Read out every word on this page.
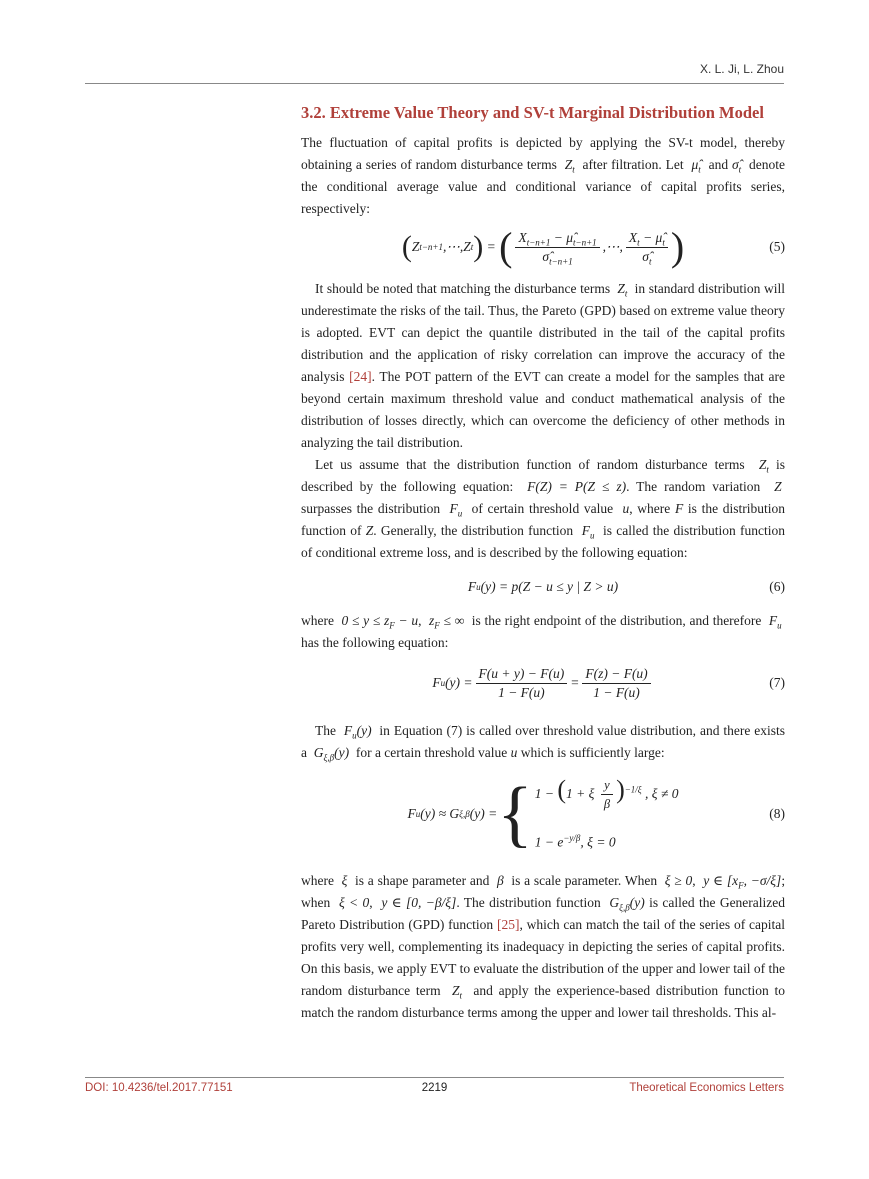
X. L. Ji, L. Zhou
3.2. Extreme Value Theory and SV-t Marginal Distribution Model

The fluctuation of capital profits is depicted by applying the SV-t model, thereby obtaining a series of random disturbance terms $Z_t$ after filtration. Let $\mû_t$ and $\sigmâ_t$ denote the conditional average value and conditional variance of capital profits series, respectively:

( Z t−n+1 ,⋯,Z t ) = ( $\frac{X_{t-n+1} - \mû_{t-n+1}}{\sigmâ_{t-n+1}}$ ,⋯, $\frac{X_t - \mû_t}{\sigmâ_t}$ )	(5)

It should be noted that matching the disturbance terms $Z_t$ in standard distribution will underestimate the risks of the tail. Thus, the Pareto (GPD) based on extreme value theory is adopted. EVT can depict the quantile distributed in the tail of the capital profits distribution and the application of risky correlation can improve the accuracy of the analysis [24]. The POT pattern of the EVT can create a model for the samples that are beyond certain maximum threshold value and conduct mathematical analysis of the distribution of losses directly, which can overcome the deficiency of other methods in analyzing the tail distribution.

Let us assume that the distribution function of random disturbance terms $Z_t$ is described by the following equation: F(Z) = P(Z ≤ z). The random variation Z  surpasses the distribution $F_u$ of certain threshold value u, where F is the distribution function of Z. Generally, the distribution function $F_u$ is called the distribution function of conditional extreme loss, and is described by the following equation:

F u (y) = p(Z − u ≤ y | Z > u)	(6)

where $0 \le y \le z_F - u$, $z_F$ ≤ ∞ is the right endpoint of the distribution, and therefore $F_u$  has the following equation:

F u $(y) = \frac{F(u + y) - F(u)}{1 - F(u)} = \frac{F(z) - F(u)}{1 - F(u)}$	(7)

The $F_u(y)$ in Equation (7) is called over threshold value distribution, and there exists a $G_{\xi,\beta}(y)$ for a certain threshold value u which is sufficiently large:

F u (y) ≈ G ξ,β (y) = { 1 − (1 + ξ $\frac{y}{\beta} )^{-1/\xi}$ , ξ ≠ 0
$1 - e^{-y/\beta}$, ξ = 0
(8)

where ξ is a shape parameter and β is a scale parameter. When ξ ≥ 0,  y ∈ [$x_F$, −σ/ξ]; when ξ < 0,  y ∈ [0, −β/ξ]. The distribution function $G_{\xi,\beta}(y)$ is called the Generalized Pareto Distribution (GPD) function [25], which can match the tail of the series of capital profits very well, complementing its inadequacy in depicting the series of capital profits. On this basis, we apply EVT to evaluate the distribution of the upper and lower tail of the random disturbance term $Z_t$ and apply the experience-based distribution function to match the random disturbance terms among the upper and lower tail thresholds. This al-

DOI: 10.4236/tel.2017.77151	2219	Theoretical Economics Letters
